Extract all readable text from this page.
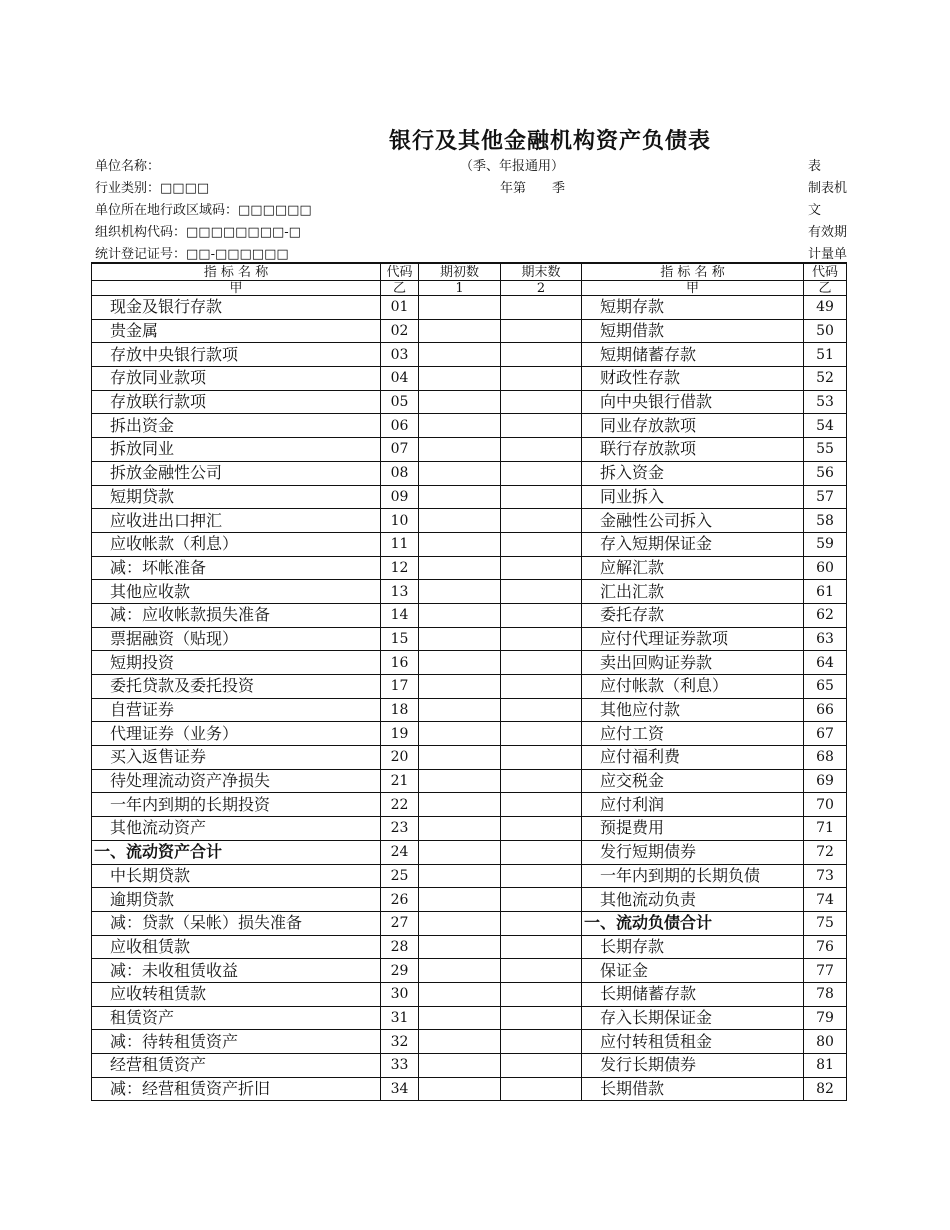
银行及其他金融机构资产负债表
单位名称：	（季、年报通用）	表
行业类别：□□□□	年第　　季	制表机
单位所在地行政区域码：□□□□□□	文
组织机构代码：□□□□□□□□-□	有效期
统计登记证号：□□-□□□□□□	计量单
指 标 名 称	代码	期初数	期末数	指 标 名 称	代码
甲	乙	1	2	甲	乙
现金及银行存款	01			短期存款	49
贵金属	02			短期借款	50
存放中央银行款项	03			短期储蓄存款	51
存放同业款项	04			财政性存款	52
存放联行款项	05			向中央银行借款	53
拆出资金	06			同业存放款项	54
拆放同业	07			联行存放款项	55
拆放金融性公司	08			拆入资金	56
短期贷款	09			同业拆入	57
应收进出口押汇	10			金融性公司拆入	58
应收帐款（利息）	11			存入短期保证金	59
减：坏帐准备	12			应解汇款	60
其他应收款	13			汇出汇款	61
减：应收帐款损失准备	14			委托存款	62
票据融资（贴现）	15			应付代理证券款项	63
短期投资	16			卖出回购证券款	64
委托贷款及委托投资	17			应付帐款（利息）	65
自营证券	18			其他应付款	66
代理证券（业务）	19			应付工资	67
买入返售证券	20			应付福利费	68
待处理流动资产净损失	21			应交税金	69
一年内到期的长期投资	22			应付利润	70
其他流动资产	23			预提费用	71
一、流动资产合计	24			发行短期债券	72
中长期贷款	25			一年内到期的长期负债	73
逾期贷款	26			其他流动负责	74
减：贷款（呆帐）损失准备	27			一、流动负债合计	75
应收租赁款	28			长期存款	76
减：未收租赁收益	29			保证金	77
应收转租赁款	30			长期储蓄存款	78
租赁资产	31			存入长期保证金	79
减：待转租赁资产	32			应付转租赁租金	80
经营租赁资产	33			发行长期债券	81
减：经营租赁资产折旧	34			长期借款	82
